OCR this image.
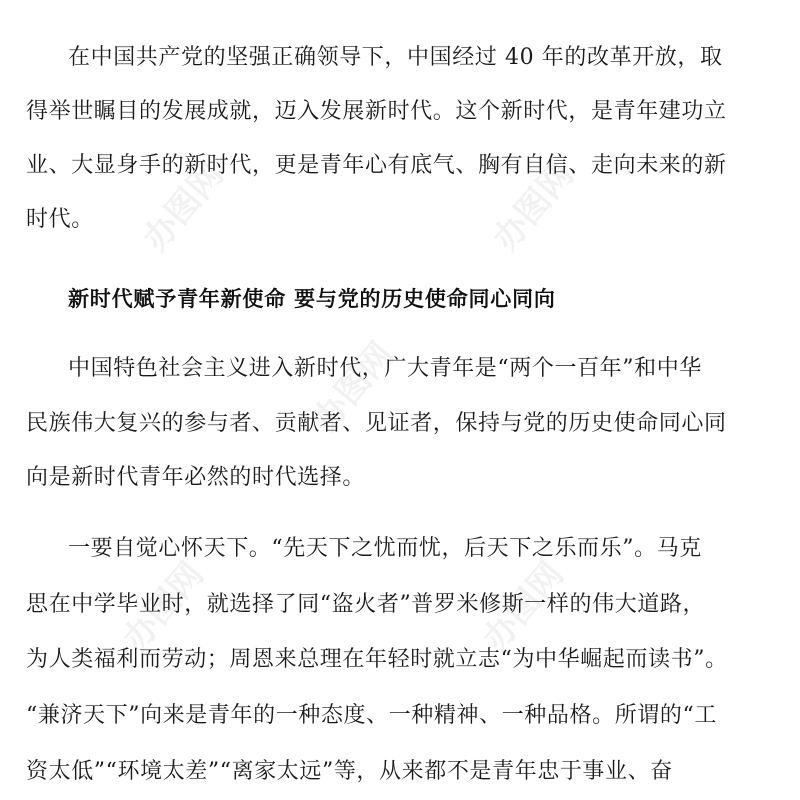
办图网	办图网
办图网
办图网	办图网
在中国共产党的坚强正确领导下，中国经过 40 年的改革开放，取
得举世瞩目的发展成就，迈入发展新时代。这个新时代，是青年建功立
业、大显身手的新时代，更是青年心有底气、胸有自信、走向未来的新
时代。
新时代赋予青年新使命 要与党的历史使命同心同向
中国特色社会主义进入新时代，广大青年是“两个一百年”和中华
民族伟大复兴的参与者、贡献者、见证者，保持与党的历史使命同心同
向是新时代青年必然的时代选择。
一要自觉心怀天下。“先天下之忧而忧，后天下之乐而乐”。马克
思在中学毕业时，就选择了同“盗火者”普罗米修斯一样的伟大道路，
为人类福利而劳动；周恩来总理在年轻时就立志“为中华崛起而读书”。
“兼济天下”向来是青年的一种态度、一种精神、一种品格。所谓的“工
资太低”“环境太差”“离家太远”等，从来都不是青年忠于事业、奋
